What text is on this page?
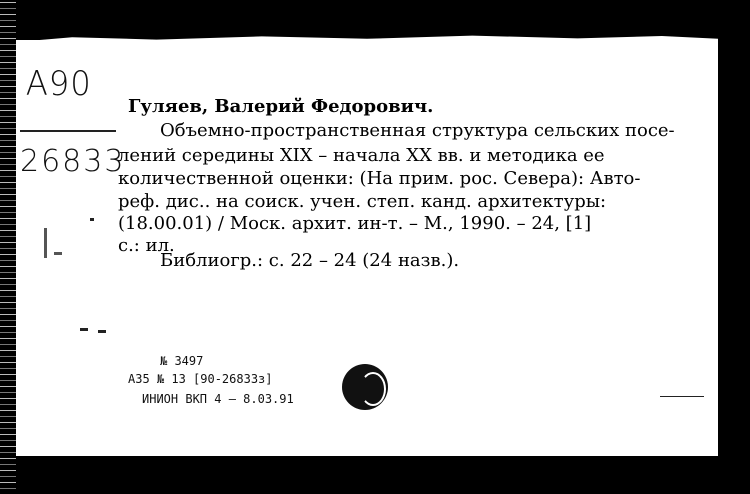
A90
26833
Гуляев, Валерий Федорович.
Объемно-пространственная структура сельских посе-
лений середины XIX – начала XX вв. и методика ее
количественной оценки: (На прим. рос. Севера): Авто-
реф. дис.. на соиск. учен. степ. канд. архитектуры:
(18.00.01) / Моск. архит. ин-т. – М., 1990. – 24, [1]
с.: ил.
Библиогр.: с. 22 – 24 (24 назв.).
№ 3497
А35 № 13 [90-26833з]
ИНИОН ВКП 4 – 8.03.91
